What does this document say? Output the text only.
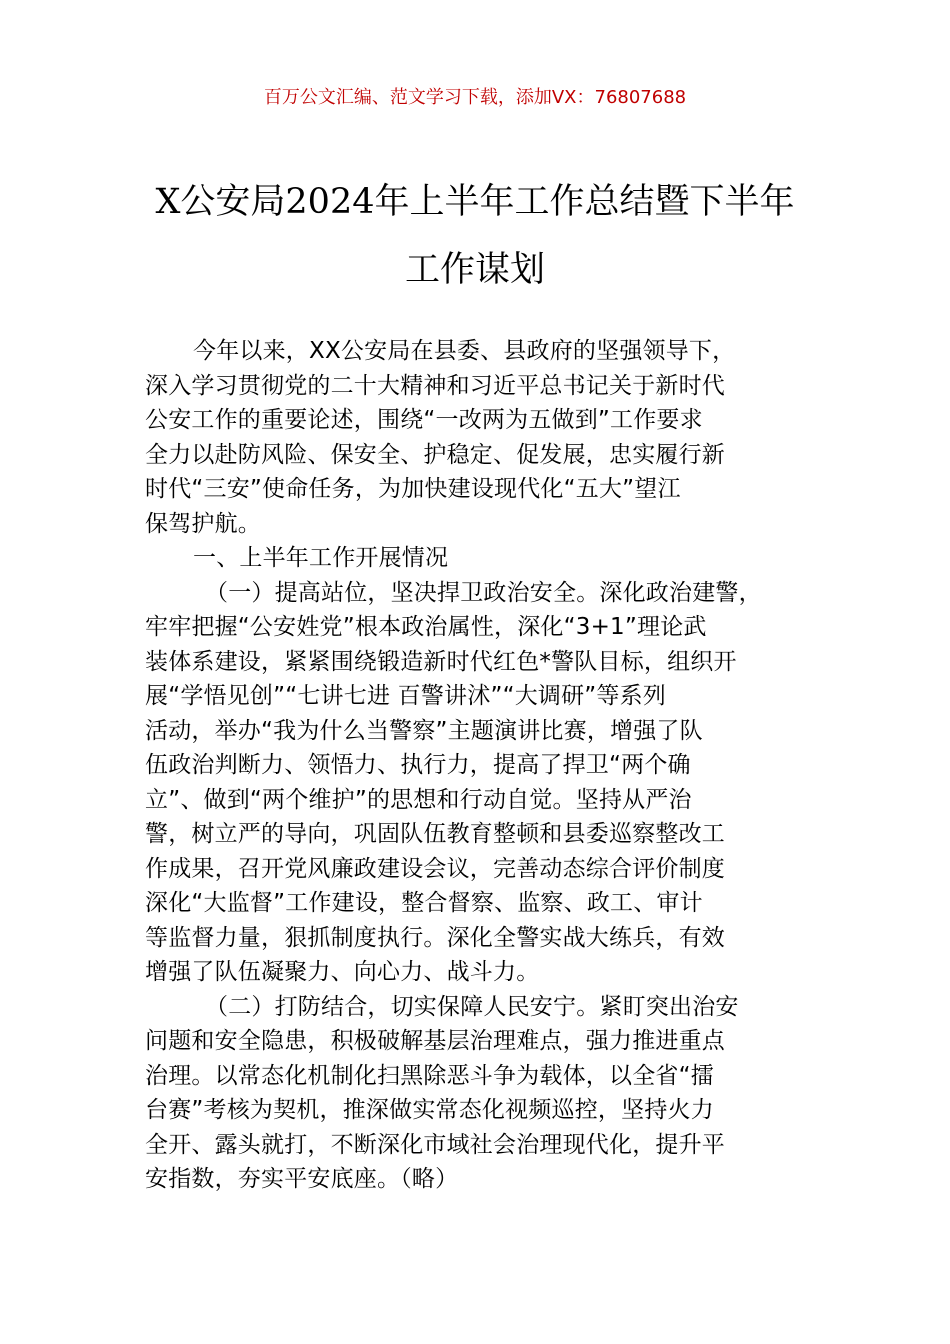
百万公文汇编、范文学习下载，添加VX：76807688
X公安局2024年上半年工作总结暨下半年
工作谋划
今年以来，XX公安局在县委、县政府的坚强领导下，
深入学习贯彻党的二十大精神和习近平总书记关于新时代
公安工作的重要论述，围绕“一改两为五做到”工作要求
全力以赴防风险、保安全、护稳定、促发展，忠实履行新
时代“三安”使命任务，为加快建设现代化“五大”望江
保驾护航。
一、上半年工作开展情况
（一）提高站位，坚决捍卫政治安全。深化政治建警，
牢牢把握“公安姓党”根本政治属性，深化“3+1”理论武
装体系建设，紧紧围绕锻造新时代红色*警队目标，组织开
展“学悟见创”“七讲七进 百警讲沭”“大调研”等系列
活动，举办“我为什么当警察”主题演讲比赛，增强了队
伍政治判断力、领悟力、执行力，提高了捍卫“两个确
立”、做到“两个维护”的思想和行动自觉。坚持从严治
警，树立严的导向，巩固队伍教育整顿和县委巡察整改工
作成果，召开党风廉政建设会议，完善动态综合评价制度
深化“大监督”工作建设，整合督察、监察、政工、审计
等监督力量，狠抓制度执行。深化全警实战大练兵，有效
增强了队伍凝聚力、向心力、战斗力。
（二）打防结合，切实保障人民安宁。紧盯突出治安
问题和安全隐患，积极破解基层治理难点，强力推进重点
治理。以常态化机制化扫黑除恶斗争为载体，以全省“擂
台赛”考核为契机，推深做实常态化视频巡控，坚持火力
全开、露头就打，不断深化市域社会治理现代化，提升平
安指数，夯实平安底座。（略）
